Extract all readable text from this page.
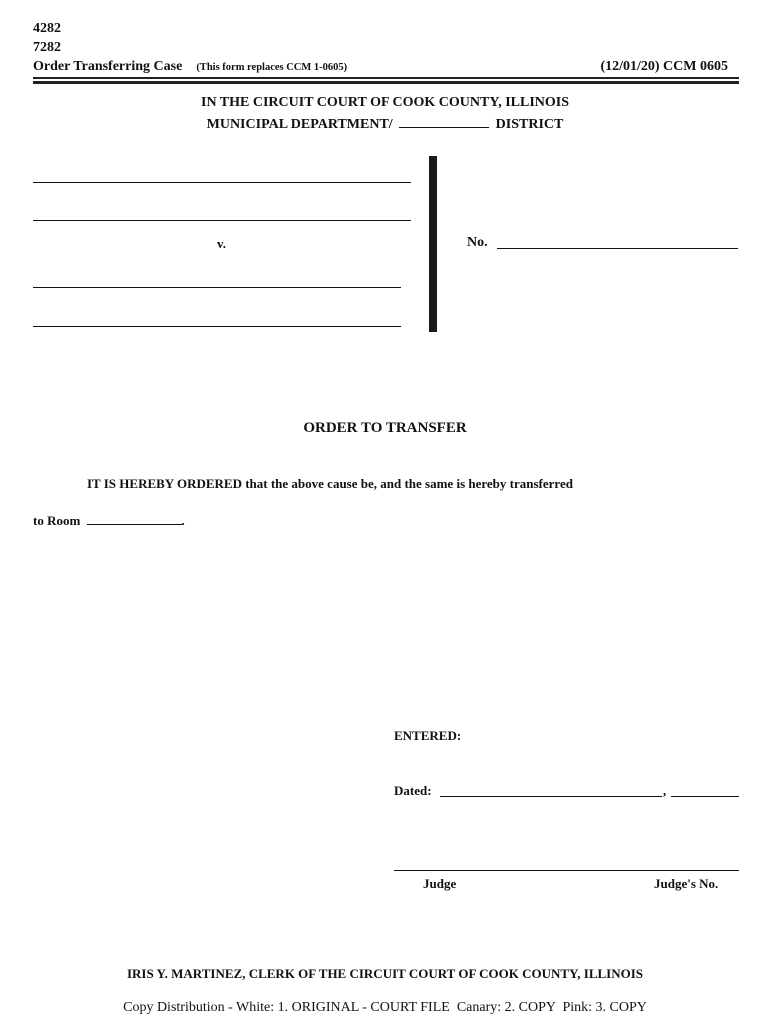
4282
7282
Order Transferring Case (This form replaces CCM 1-0605)	(12/01/20) CCM 0605
IN THE CIRCUIT COURT OF COOK COUNTY, ILLINOIS
MUNICIPAL DEPARTMENT/	DISTRICT
v.	No.
ORDER TO TRANSFER
IT IS HEREBY ORDERED that the above cause be, and the same is hereby transferred
to Room	.
ENTERED:
Dated:	,
Judge	Judge's No.
IRIS Y. MARTINEZ, CLERK OF THE CIRCUIT COURT OF COOK COUNTY, ILLINOIS
Copy Distribution - White: 1. ORIGINAL - COURT FILE  Canary: 2. COPY  Pink: 3. COPY
